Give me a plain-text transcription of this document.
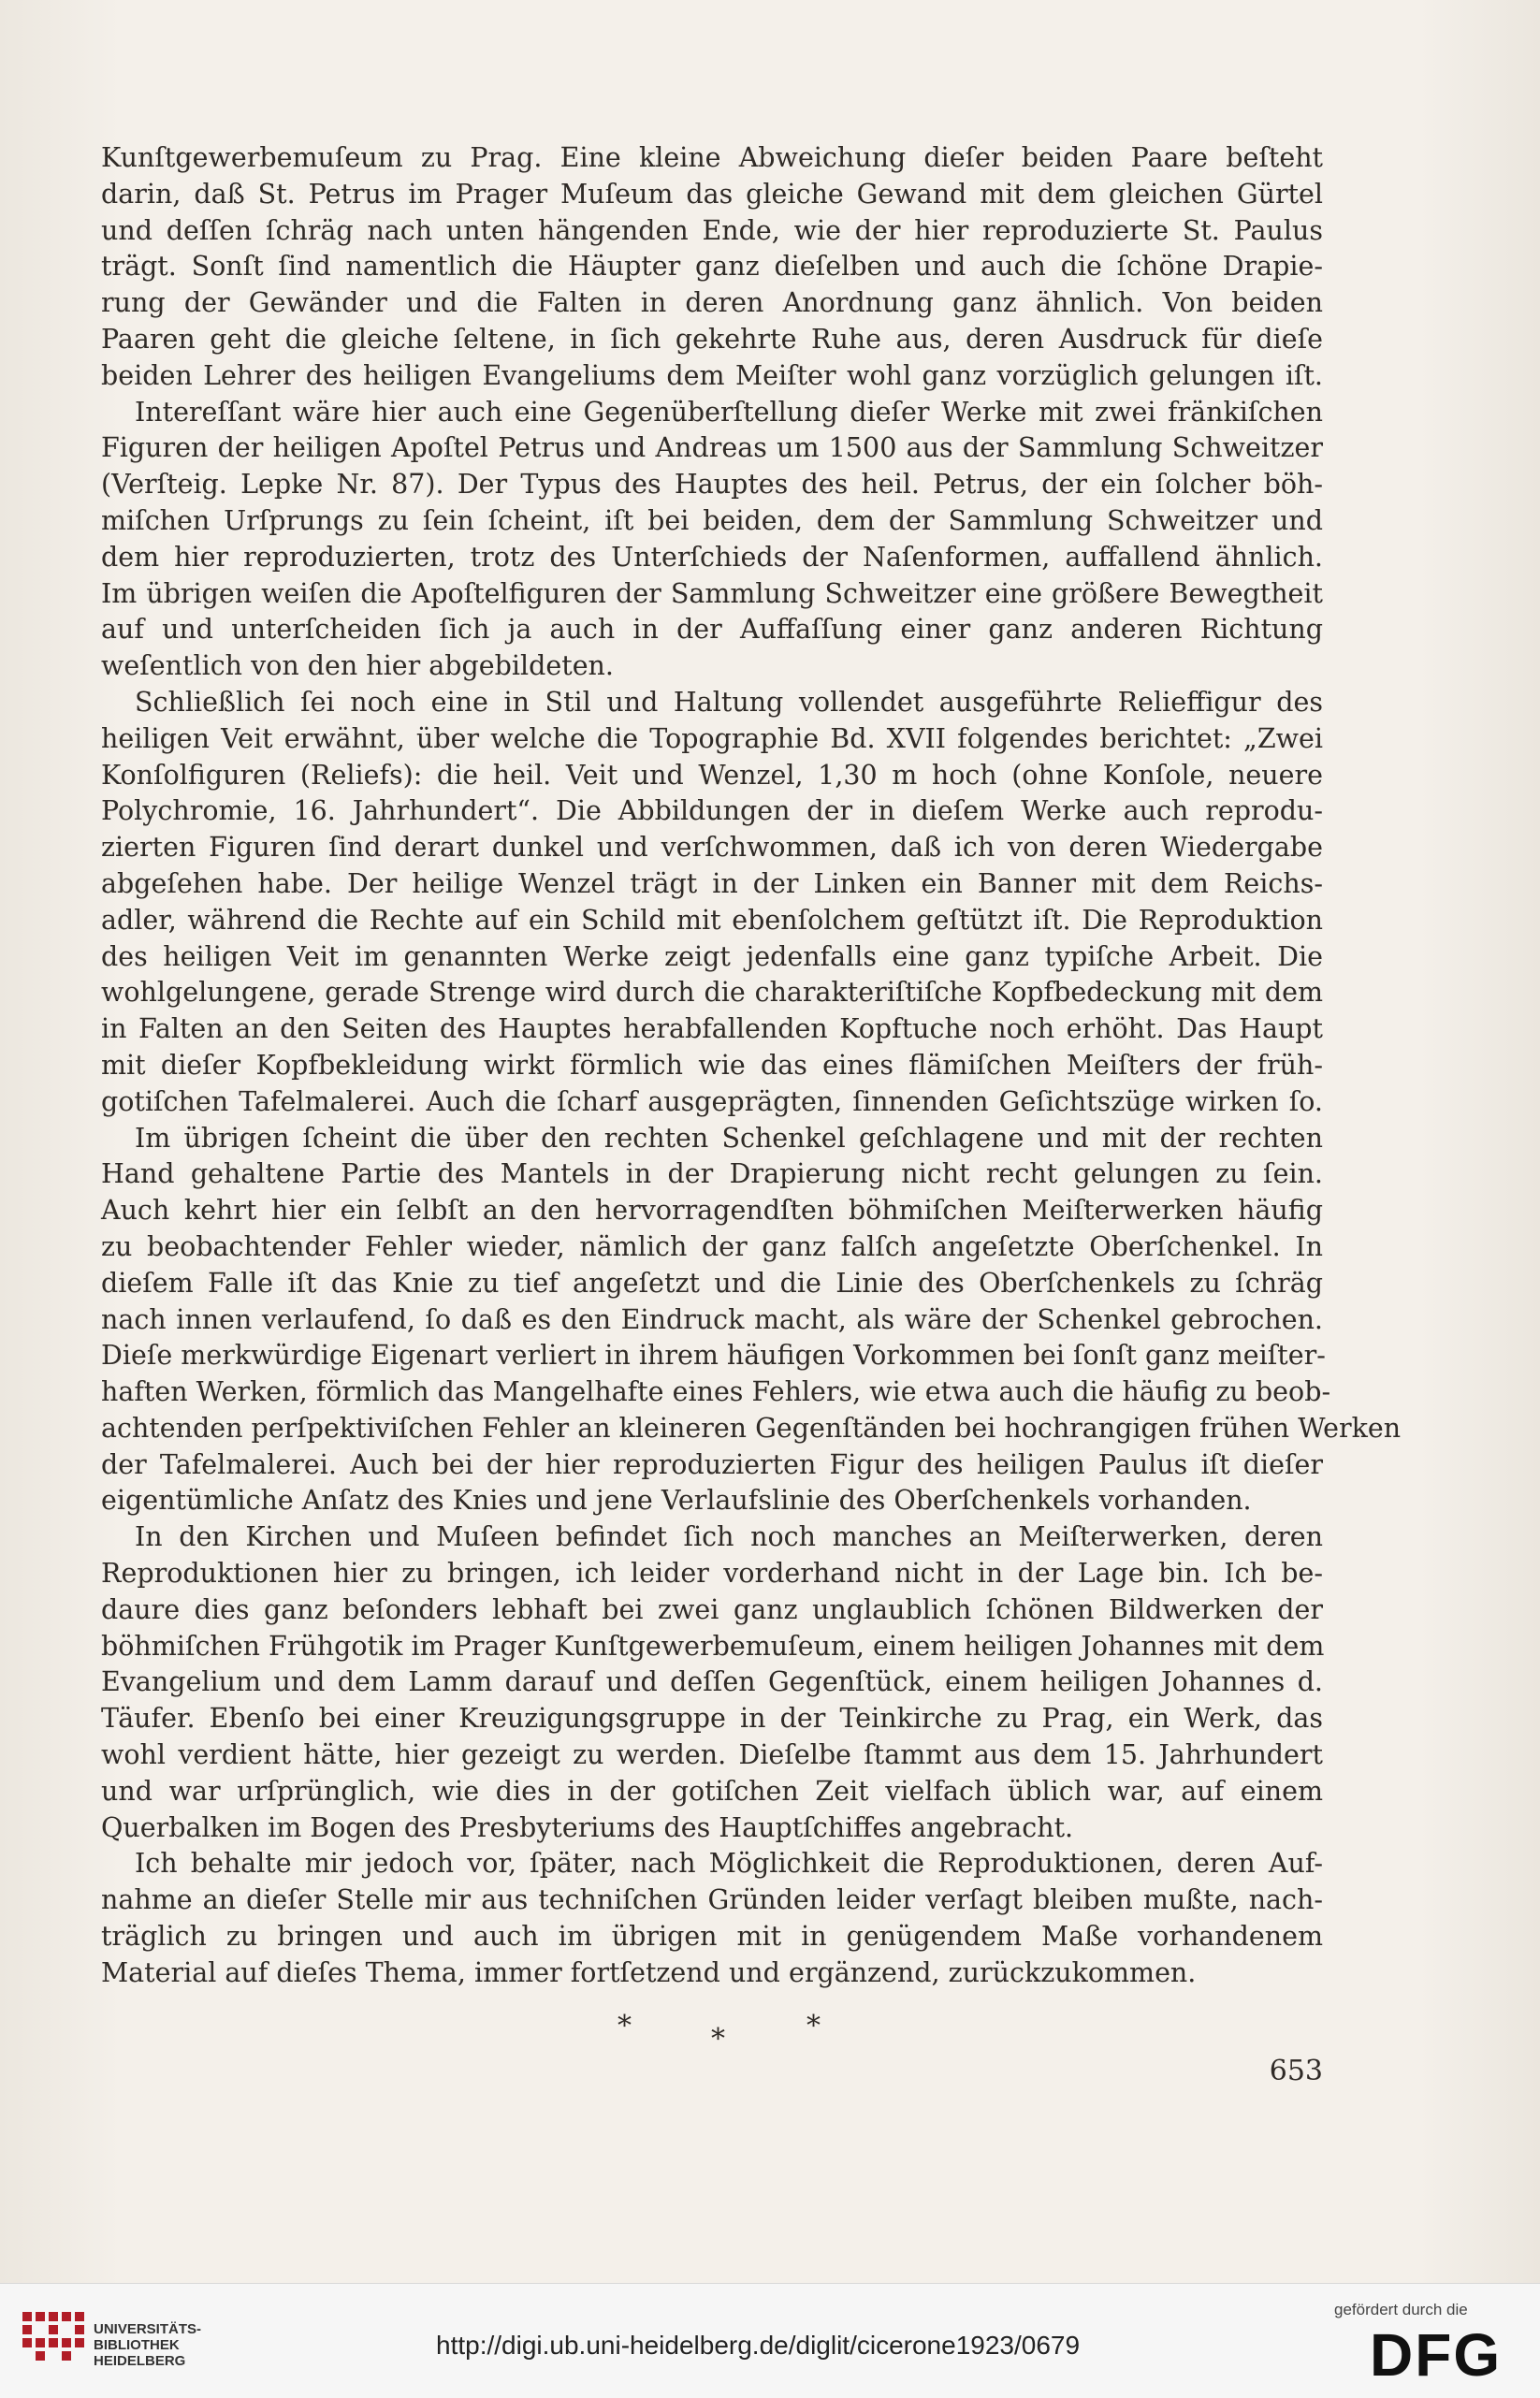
Kunſtgewerbemuſeum zu Prag. Eine kleine Abweichung dieſer beiden Paare beſteht
darin, daß St. Petrus im Prager Muſeum das gleiche Gewand mit dem gleichen Gürtel
und deſſen ſchräg nach unten hängenden Ende, wie der hier reproduzierte St. Paulus
trägt. Sonſt ſind namentlich die Häupter ganz dieſelben und auch die ſchöne Drapie-
rung der Gewänder und die Falten in deren Anordnung ganz ähnlich. Von beiden
Paaren geht die gleiche ſeltene, in ſich gekehrte Ruhe aus, deren Ausdruck für dieſe
beiden Lehrer des heiligen Evangeliums dem Meiſter wohl ganz vorzüglich gelungen iſt.

Intereſſant wäre hier auch eine Gegenüberſtellung dieſer Werke mit zwei fränkiſchen
Figuren der heiligen Apoſtel Petrus und Andreas um 1500 aus der Sammlung Schweitzer
(Verſteig. Lepke Nr. 87). Der Typus des Hauptes des heil. Petrus, der ein ſolcher böh-
miſchen Urſprungs zu ſein ſcheint, iſt bei beiden, dem der Sammlung Schweitzer und
dem hier reproduzierten, trotz des Unterſchieds der Naſenformen, auffallend ähnlich.
Im übrigen weiſen die Apoſtelfiguren der Sammlung Schweitzer eine größere Bewegtheit
auf und unterſcheiden ſich ja auch in der Auffaſſung einer ganz anderen Richtung
weſentlich von den hier abgebildeten.

Schließlich ſei noch eine in Stil und Haltung vollendet ausgeführte Relieffigur des
heiligen Veit erwähnt, über welche die Topographie Bd. XVII folgendes berichtet: „Zwei
Konſolfiguren (Reliefs): die heil. Veit und Wenzel, 1,30 m hoch (ohne Konſole, neuere
Polychromie, 16. Jahrhundert“. Die Abbildungen der in dieſem Werke auch reprodu-
zierten Figuren ſind derart dunkel und verſchwommen, daß ich von deren Wiedergabe
abgeſehen habe. Der heilige Wenzel trägt in der Linken ein Banner mit dem Reichs-
adler, während die Rechte auf ein Schild mit ebenſolchem geſtützt iſt. Die Reproduktion
des heiligen Veit im genannten Werke zeigt jedenfalls eine ganz typiſche Arbeit. Die
wohlgelungene, gerade Strenge wird durch die charakteriſtiſche Kopfbedeckung mit dem
in Falten an den Seiten des Hauptes herabfallenden Kopftuche noch erhöht. Das Haupt
mit dieſer Kopfbekleidung wirkt förmlich wie das eines flämiſchen Meiſters der früh-
gotiſchen Tafelmalerei. Auch die ſcharf ausgeprägten, ſinnenden Geſichtszüge wirken ſo.

Im übrigen ſcheint die über den rechten Schenkel geſchlagene und mit der rechten
Hand gehaltene Partie des Mantels in der Drapierung nicht recht gelungen zu ſein.
Auch kehrt hier ein ſelbſt an den hervorragendſten böhmiſchen Meiſterwerken häufig
zu beobachtender Fehler wieder, nämlich der ganz falſch angeſetzte Oberſchenkel. In
dieſem Falle iſt das Knie zu tief angeſetzt und die Linie des Oberſchenkels zu ſchräg
nach innen verlaufend, ſo daß es den Eindruck macht, als wäre der Schenkel gebrochen.
Dieſe merkwürdige Eigenart verliert in ihrem häufigen Vorkommen bei ſonſt ganz meiſter-
haften Werken, förmlich das Mangelhafte eines Fehlers, wie etwa auch die häufig zu beob-
achtenden perſpektiviſchen Fehler an kleineren Gegenſtänden bei hochrangigen frühen Werken
der Tafelmalerei. Auch bei der hier reproduzierten Figur des heiligen Paulus iſt dieſer
eigentümliche Anſatz des Knies und jene Verlaufslinie des Oberſchenkels vorhanden.

In den Kirchen und Muſeen befindet ſich noch manches an Meiſterwerken, deren
Reproduktionen hier zu bringen, ich leider vorderhand nicht in der Lage bin. Ich be-
daure dies ganz beſonders lebhaft bei zwei ganz unglaublich ſchönen Bildwerken der
böhmiſchen Frühgotik im Prager Kunſtgewerbemuſeum, einem heiligen Johannes mit dem
Evangelium und dem Lamm darauf und deſſen Gegenſtück, einem heiligen Johannes d.
Täufer. Ebenſo bei einer Kreuzigungsgruppe in der Teinkirche zu Prag, ein Werk, das
wohl verdient hätte, hier gezeigt zu werden. Dieſelbe ſtammt aus dem 15. Jahrhundert
und war urſprünglich, wie dies in der gotiſchen Zeit vielfach üblich war, auf einem
Querbalken im Bogen des Presbyteriums des Hauptſchiffes angebracht.

Ich behalte mir jedoch vor, ſpäter, nach Möglichkeit die Reproduktionen, deren Auf-
nahme an dieſer Stelle mir aus techniſchen Gründen leider verſagt bleiben mußte, nach-
träglich zu bringen und auch im übrigen mit in genügendem Maße vorhandenem
Material auf dieſes Thema, immer fortſetzend und ergänzend, zurückzukommen.

*	*	*
653
UNIVERSITÄTS-
BIBLIOTHEK
HEIDELBERG
http://digi.ub.uni-heidelberg.de/diglit/cicerone1923/0679
gefördert durch die
DFG
